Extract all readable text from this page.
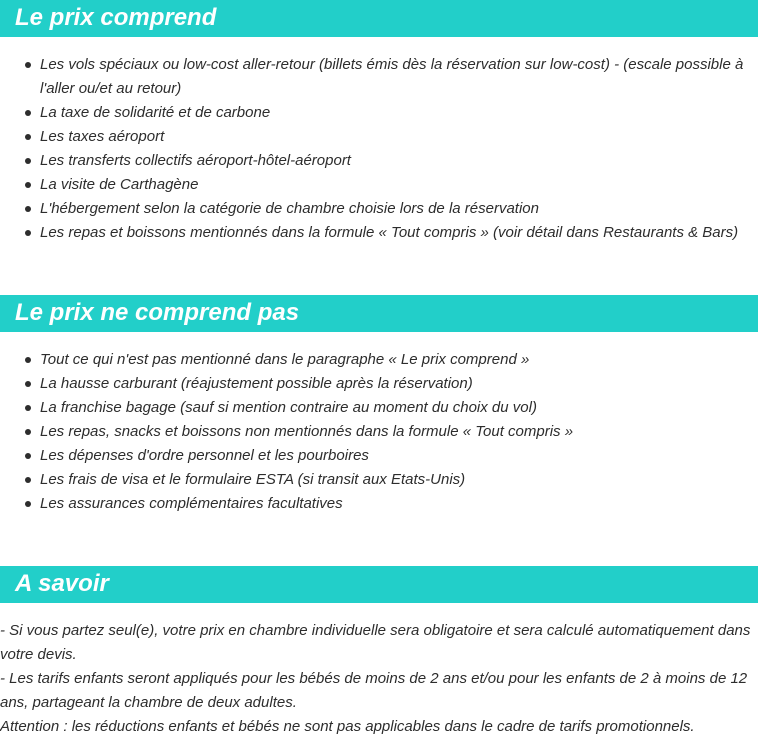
Le prix comprend
Les vols spéciaux ou low-cost aller-retour (billets émis dès la réservation sur low-cost) - (escale possible à l'aller ou/et au retour)
La taxe de solidarité et de carbone
Les taxes aéroport
Les transferts collectifs aéroport-hôtel-aéroport
La visite de Carthagène
L'hébergement selon la catégorie de chambre choisie lors de la réservation
Les repas et boissons mentionnés dans la formule « Tout compris » (voir détail dans Restaurants & Bars)
Le prix ne comprend pas
Tout ce qui n'est pas mentionné dans le paragraphe « Le prix comprend »
La hausse carburant (réajustement possible après la réservation)
La franchise bagage (sauf si mention contraire au moment du choix du vol)
Les repas, snacks et boissons non mentionnés dans la formule « Tout compris »
Les dépenses d'ordre personnel et les pourboires
Les frais de visa et le formulaire ESTA (si transit aux Etats-Unis)
Les assurances complémentaires facultatives
A savoir
- Si vous partez seul(e), votre prix en chambre individuelle sera obligatoire et sera calculé automatiquement dans votre devis.
- Les tarifs enfants seront appliqués pour les bébés de moins de 2 ans et/ou pour les enfants de 2 à moins de 12 ans, partageant la chambre de deux adultes.
Attention : les réductions enfants et bébés ne sont pas applicables dans le cadre de tarifs promotionnels.
